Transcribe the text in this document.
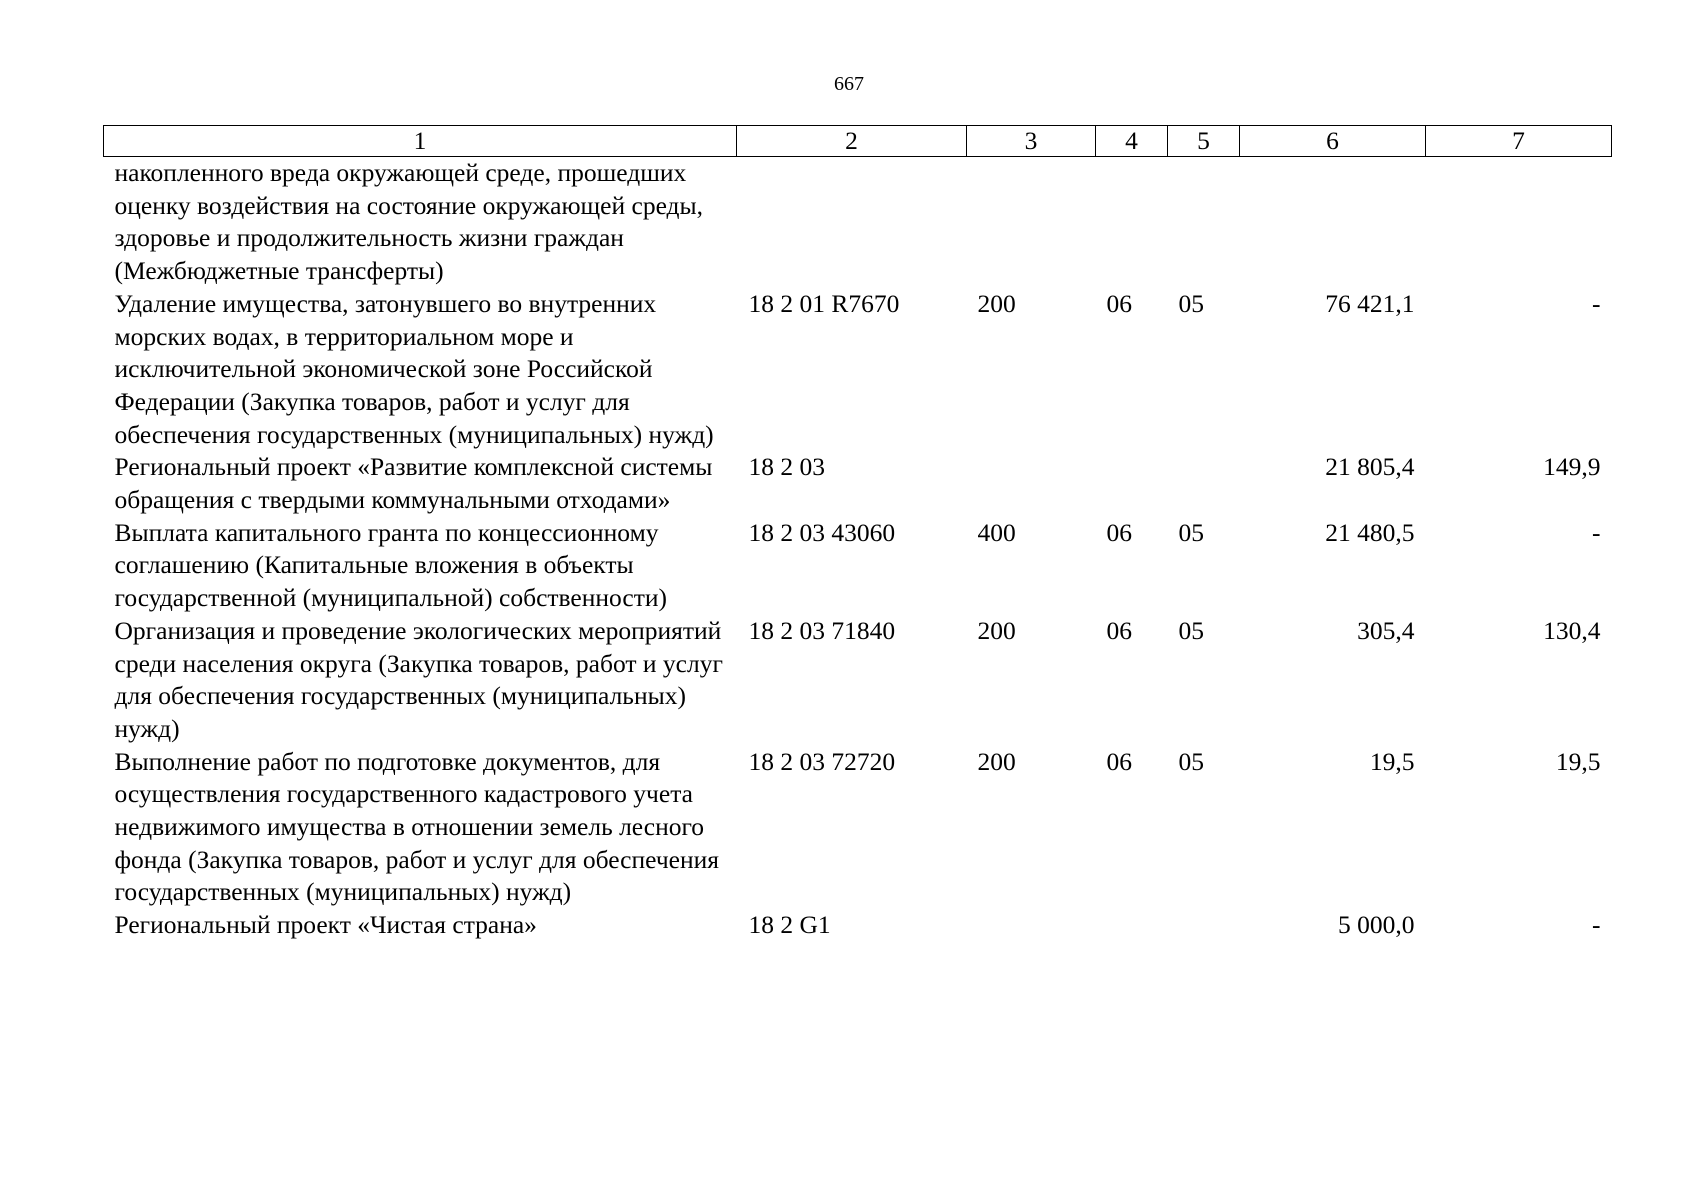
667
1	2	3	4	5	6	7
накопленного вреда окружающей среде, прошедших оценку воздействия на состояние окружающей среды, здоровье и продолжительность жизни граждан (Межбюджетные трансферты)						
Удаление имущества, затонувшего во внутренних морских водах, в территориальном море и исключительной экономической зоне Российской Федерации (Закупка товаров, работ и услуг для обеспечения государственных (муниципальных) нужд)	18 2 01 R7670	200	06	05	76 421,1	-
Региональный проект «Развитие комплексной системы обращения с твердыми коммунальными отходами»	18 2 03				21 805,4	149,9
Выплата капитального гранта по концессионному соглашению (Капитальные вложения в объекты государственной (муниципальной) собственности)	18 2 03 43060	400	06	05	21 480,5	-
Организация и проведение экологических мероприятий среди населения округа (Закупка товаров, работ и услуг для обеспечения государственных (муниципальных) нужд)	18 2 03 71840	200	06	05	305,4	130,4
Выполнение работ по подготовке документов, для осуществления государственного кадастрового учета недвижимого имущества в отношении земель лесного фонда (Закупка товаров, работ и услуг для обеспечения государственных (муниципальных) нужд)	18 2 03 72720	200	06	05	19,5	19,5
Региональный проект «Чистая страна»	18 2 G1				5 000,0	-
